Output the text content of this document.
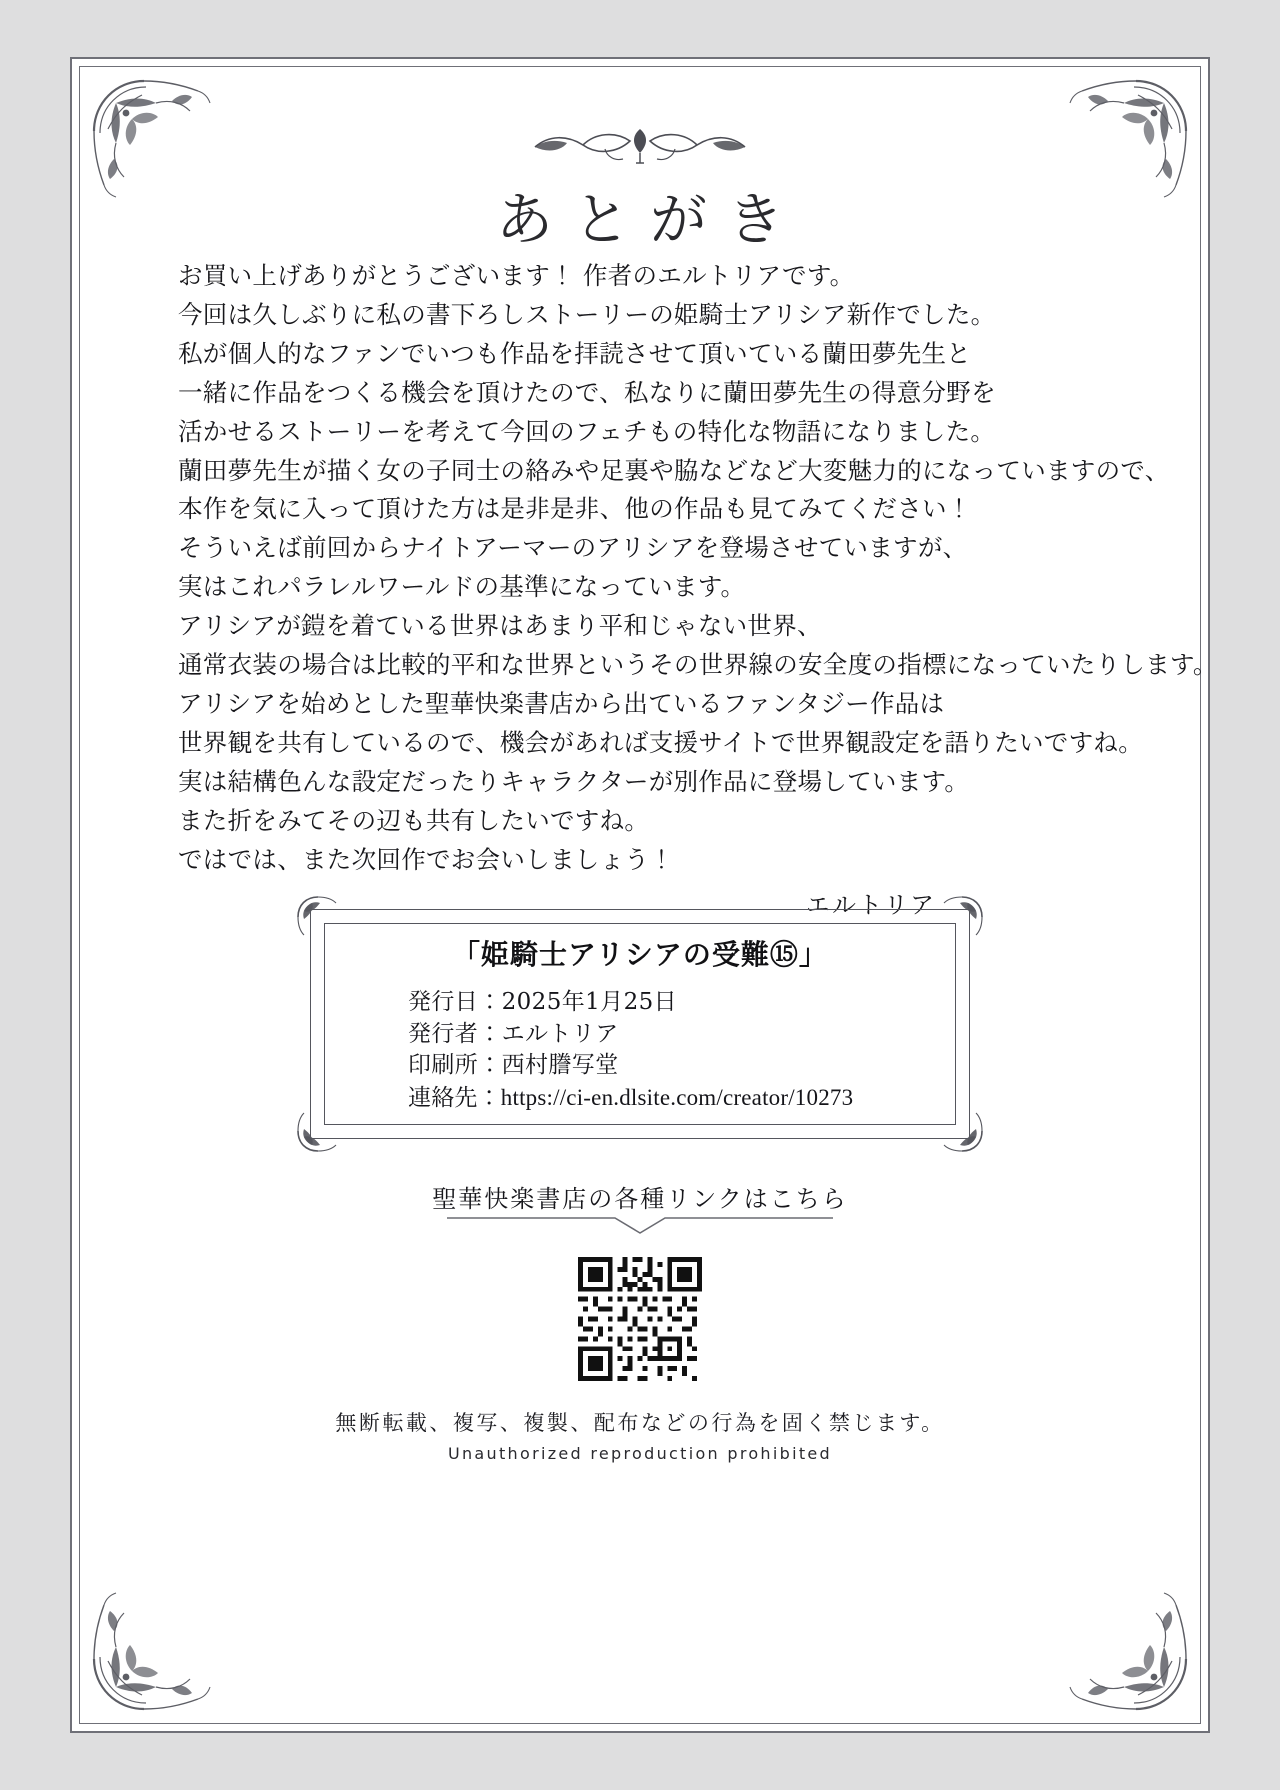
あとがき

お買い上げありがとうございます！ 作者のエルトリアです。

今回は久しぶりに私の書下ろしストーリーの姫騎士アリシア新作でした。

私が個人的なファンでいつも作品を拝読させて頂いている蘭田夢先生と

一緒に作品をつくる機会を頂けたので、私なりに蘭田夢先生の得意分野を

活かせるストーリーを考えて今回のフェチもの特化な物語になりました。

蘭田夢先生が描く女の子同士の絡みや足裏や脇などなど大変魅力的になっていますので、

本作を気に入って頂けた方は是非是非、他の作品も見てみてください！

そういえば前回からナイトアーマーのアリシアを登場させていますが、

実はこれパラレルワールドの基準になっています。

アリシアが鎧を着ている世界はあまり平和じゃない世界、

通常衣装の場合は比較的平和な世界というその世界線の安全度の指標になっていたりします。

アリシアを始めとした聖華快楽書店から出ているファンタジー作品は

世界観を共有しているので、機会があれば支援サイトで世界観設定を語りたいですね。

実は結構色んな設定だったりキャラクターが別作品に登場しています。

また折をみてその辺も共有したいですね。

ではでは、また次回作でお会いしましょう！

エルトリア
「姫騎士アリシアの受難⑮」
発行日：2025年1月25日
発行者：エルトリア
印刷所：西村謄写堂
連絡先：https://ci-en.dlsite.com/creator/10273
聖華快楽書店の各種リンクはこちら
無断転載、複写、複製、配布などの行為を固く禁じます。
Unauthorized reproduction prohibited
